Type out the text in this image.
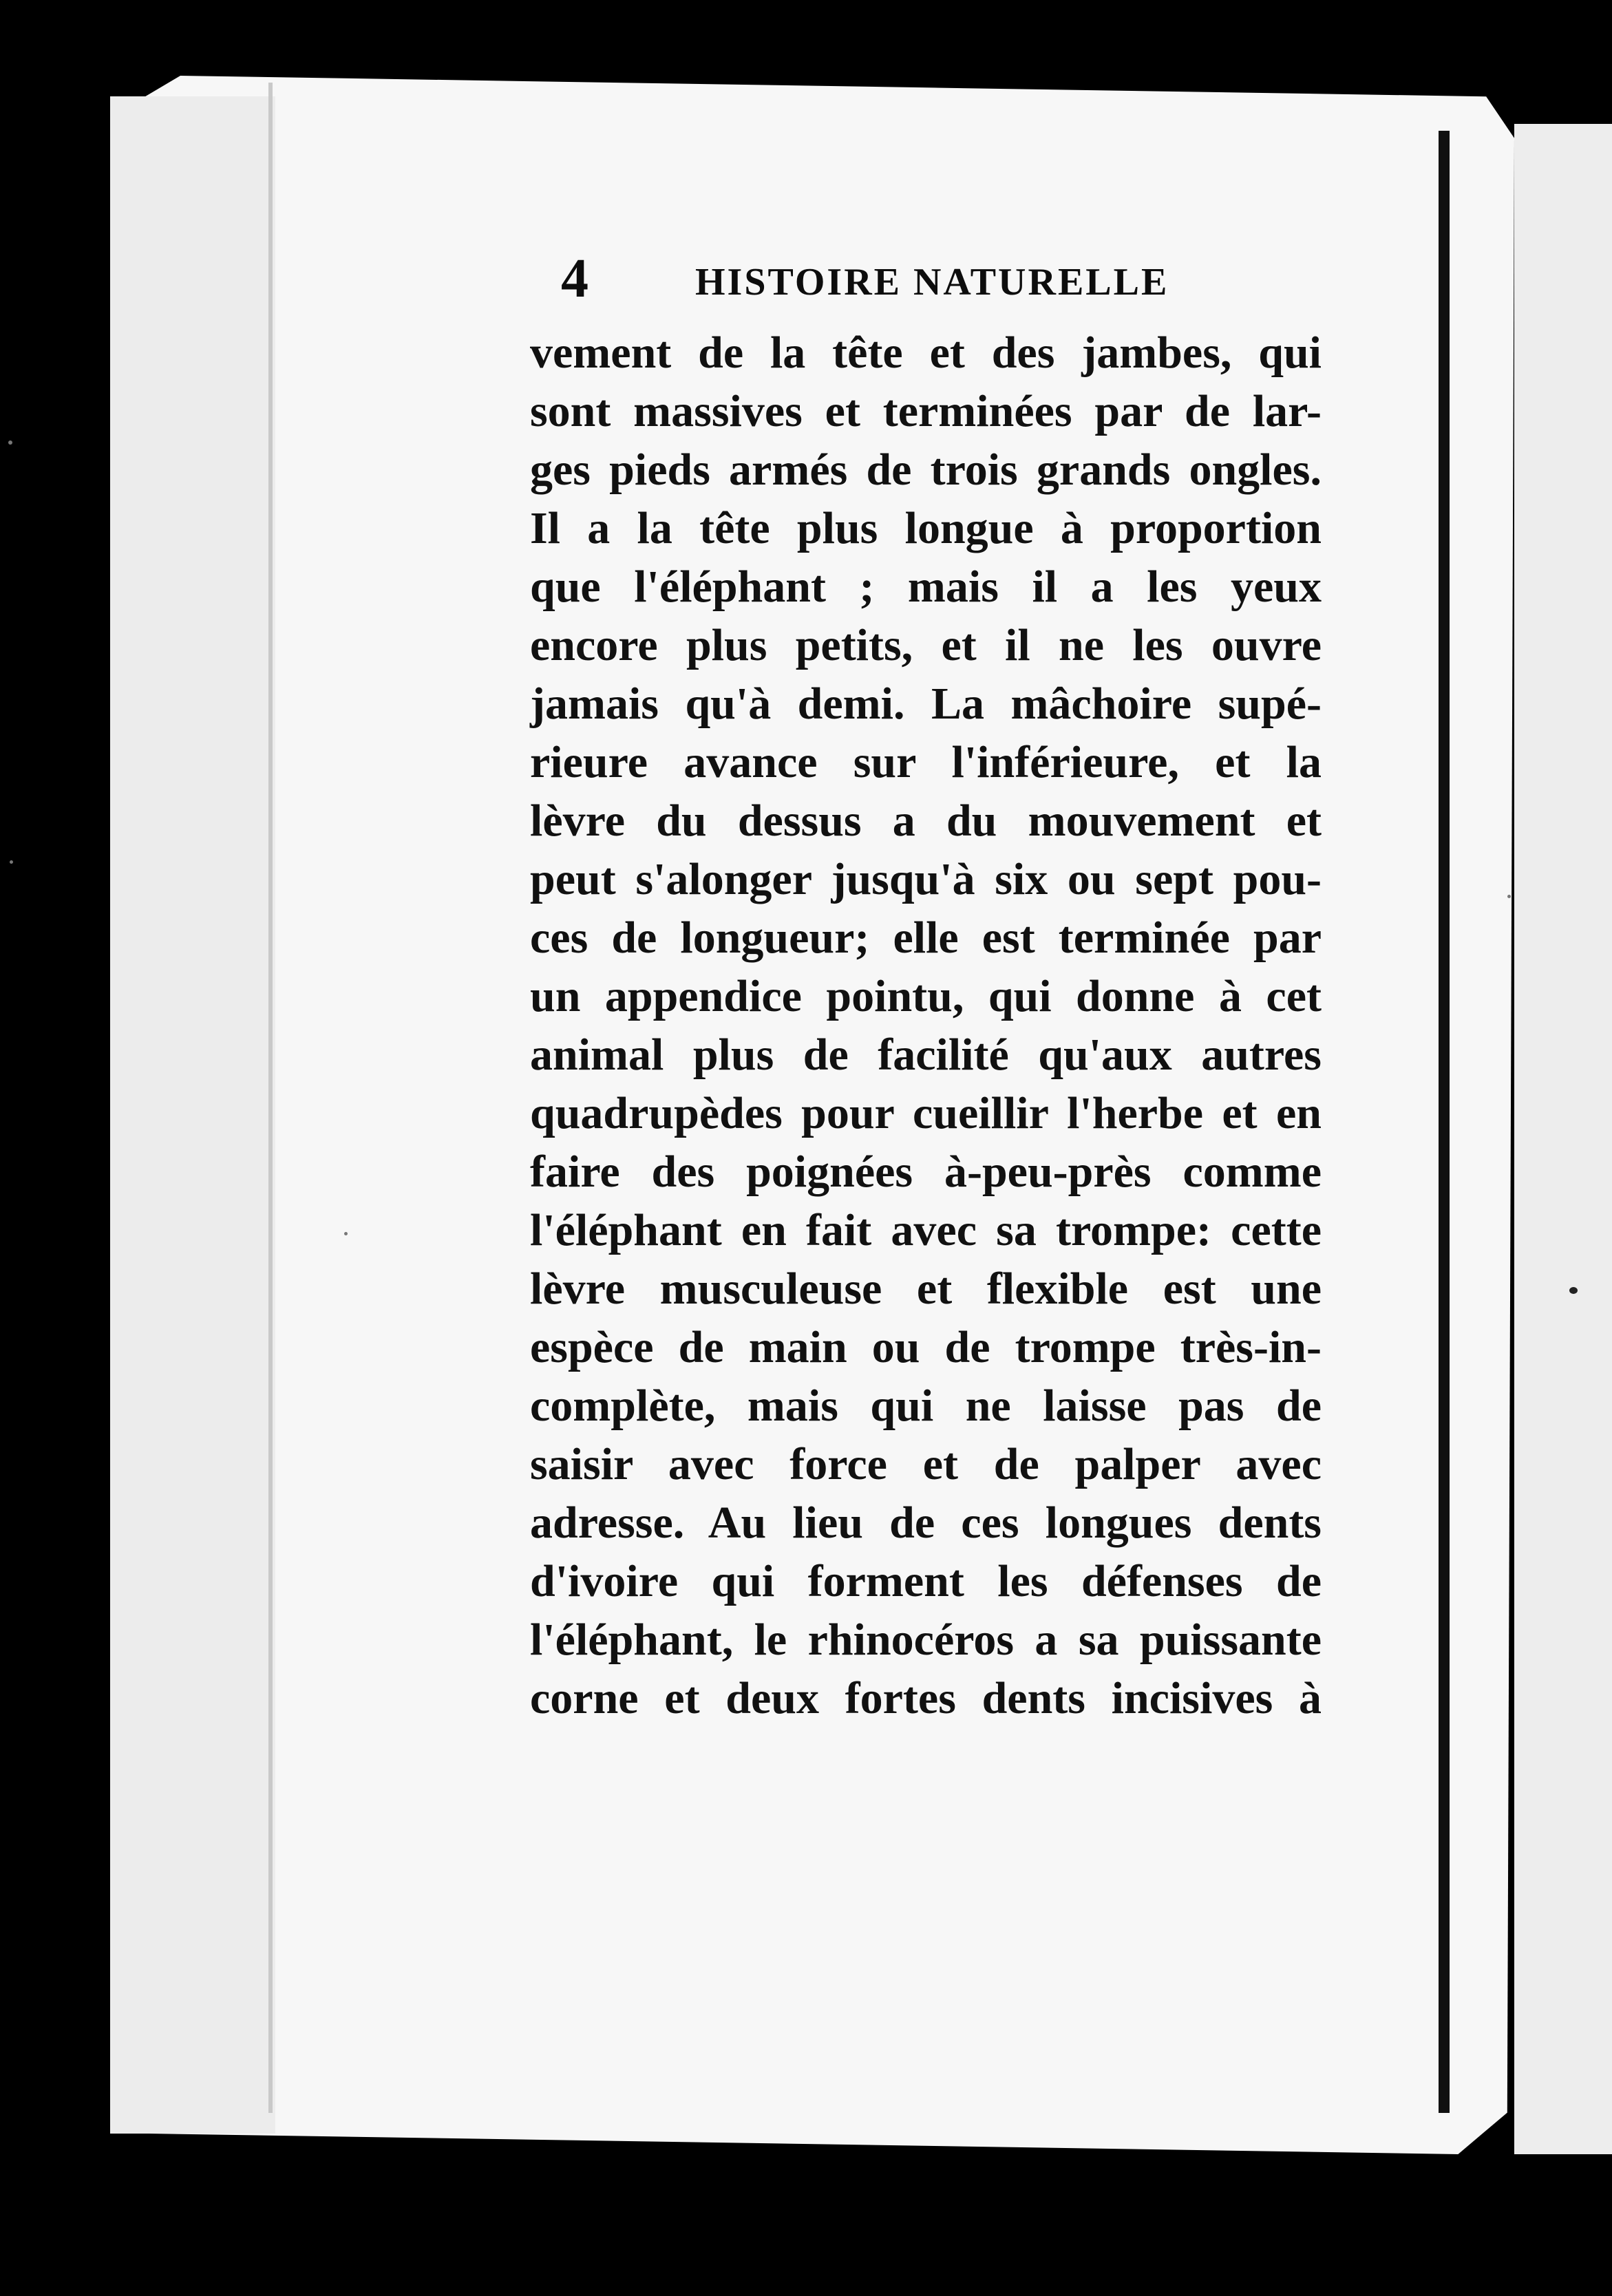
4	HISTOIRE NATURELLE
vement de la tête et des jambes, qui
sont massives et terminées par de lar-
ges pieds armés de trois grands ongles.
Il a la tête plus longue à proportion
que l'éléphant ; mais il a les yeux
encore plus petits, et il ne les ouvre
jamais qu'à demi. La mâchoire supé-
rieure avance sur l'inférieure, et la
lèvre du dessus a du mouvement et
peut s'alonger jusqu'à six ou sept pou-
ces de longueur; elle est terminée par
un appendice pointu, qui donne à cet
animal plus de facilité qu'aux autres
quadrupèdes pour cueillir l'herbe et en
faire des poignées à-peu-près comme
l'éléphant en fait avec sa trompe: cette
lèvre musculeuse et flexible est une
espèce de main ou de trompe très-in-
complète, mais qui ne laisse pas de
saisir avec force et de palper avec
adresse. Au lieu de ces longues dents
d'ivoire qui forment les défenses de
l'éléphant, le rhinocéros a sa puissante
corne et deux fortes dents incisives à
